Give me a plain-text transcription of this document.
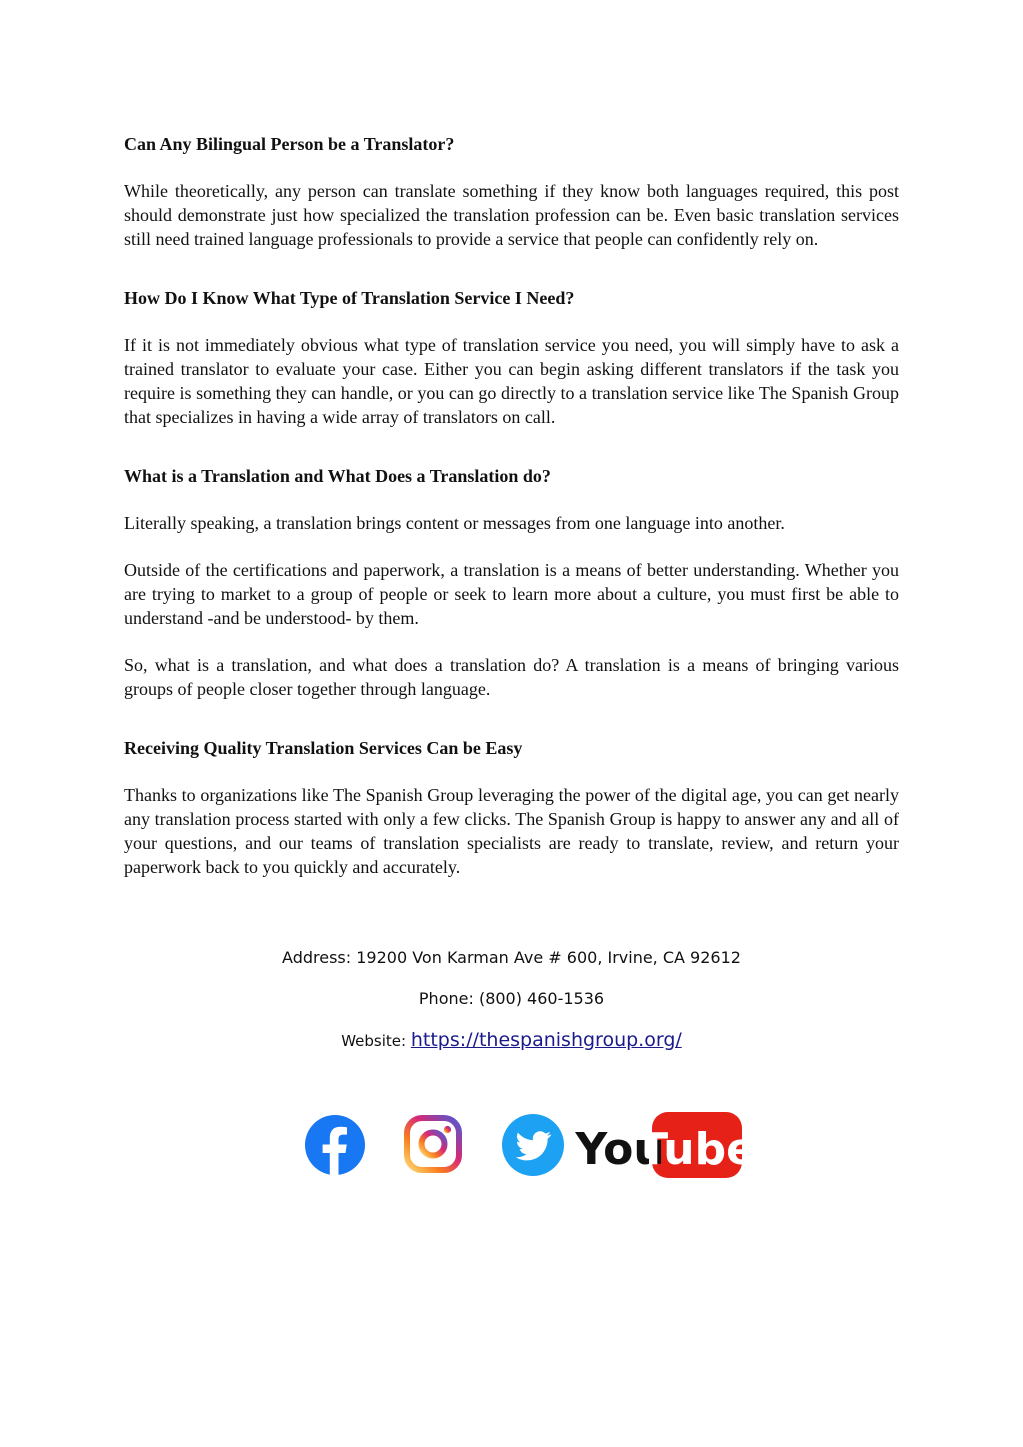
Can Any Bilingual Person be a Translator?

While theoretically, any person can translate something if they know both languages required, this post should demonstrate just how specialized the translation profession can be. Even basic translation services still need trained language professionals to provide a service that people can confidently rely on.

How Do I Know What Type of Translation Service I Need?

If it is not immediately obvious what type of translation service you need, you will simply have to ask a trained translator to evaluate your case. Either you can begin asking different translators if the task you require is something they can handle, or you can go directly to a translation service like The Spanish Group that specializes in having a wide array of translators on call.

What is a Translation and What Does a Translation do?

Literally speaking, a translation brings content or messages from one language into another.

Outside of the certifications and paperwork, a translation is a means of better understanding. Whether you are trying to market to a group of people or seek to learn more about a culture, you must first be able to understand -and be understood- by them.

So, what is a translation, and what does a translation do? A translation is a means of bringing various groups of people closer together through language.

Receiving Quality Translation Services Can be Easy

Thanks to organizations like The Spanish Group leveraging the power of the digital age, you can get nearly any translation process started with only a few clicks. The Spanish Group is happy to answer any and all of your questions, and our teams of translation specialists are ready to translate, review, and return your paperwork back to you quickly and accurately.

Address: 19200 Von Karman Ave # 600, Irvine, CA 92612
Phone: (800) 460-1536
Website: https://thespanishgroup.org/
You
Tube
